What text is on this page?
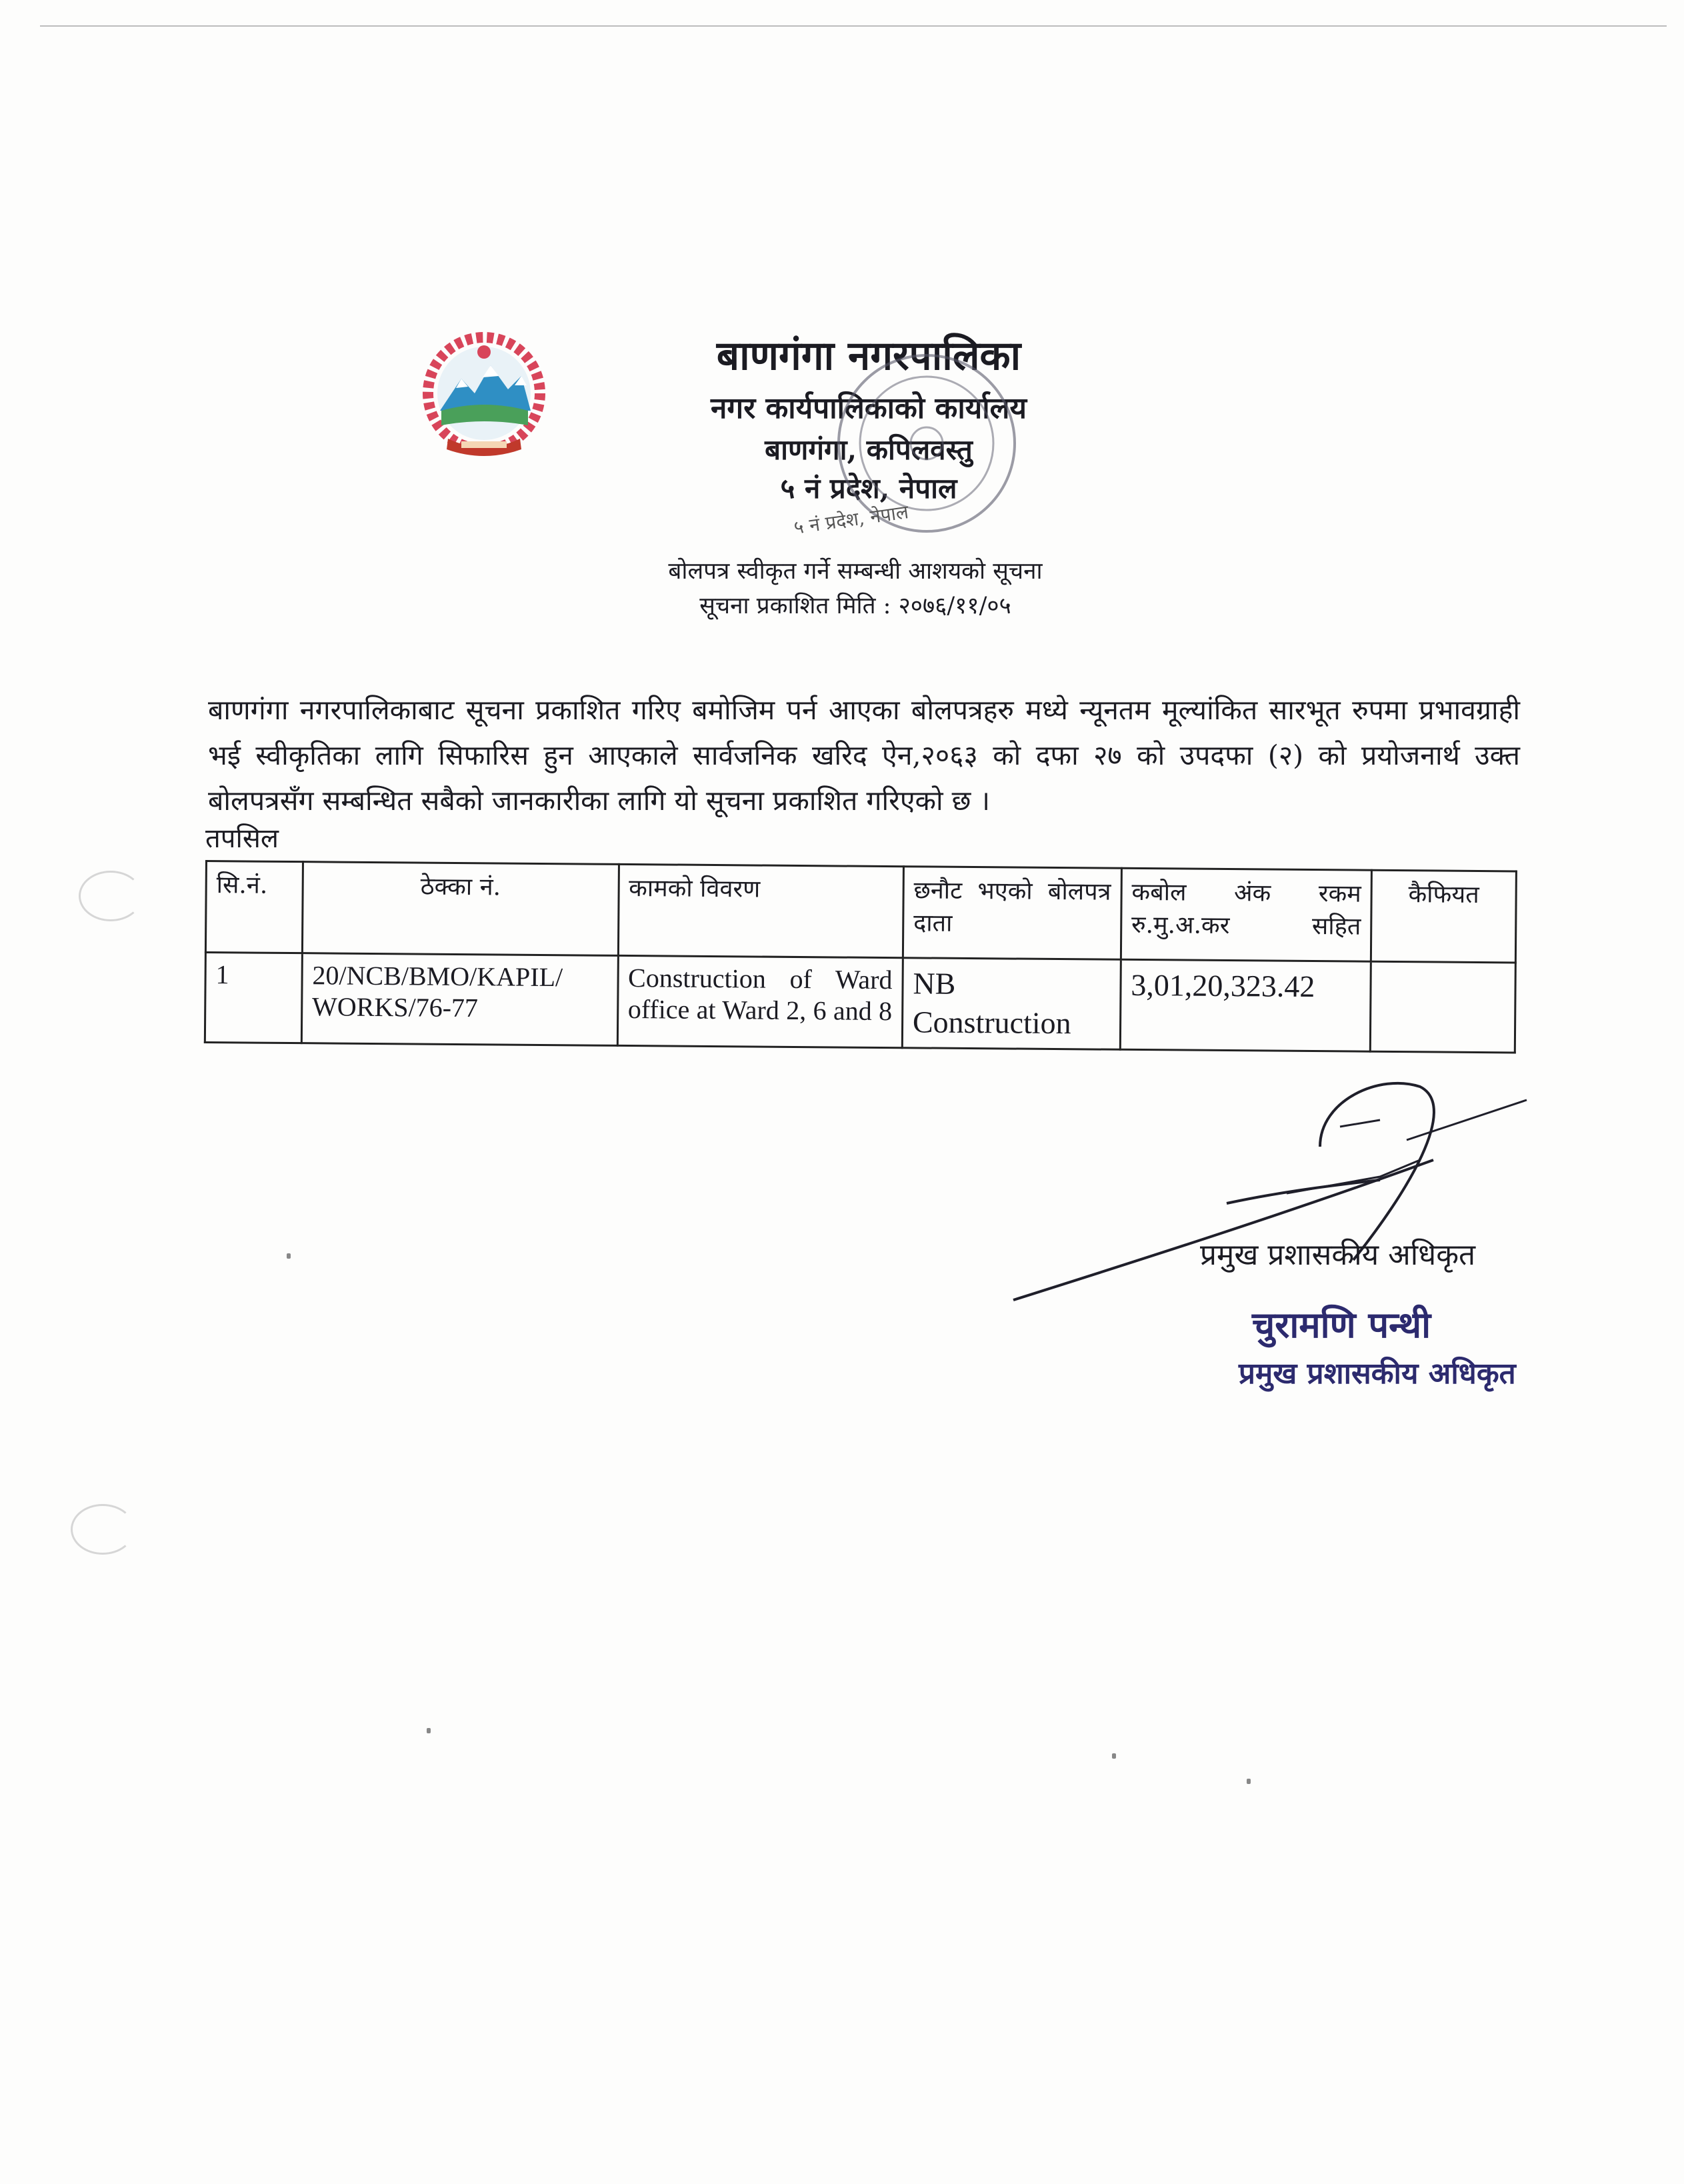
बाणगंगा नगरपालिका
नगर कार्यपालिकाको कार्यालय
बाणगंगा, कपिलवस्तु
५ नं प्रदेश, नेपाल
५ नं प्रदेश, नेपाल
बोलपत्र स्वीकृत गर्ने सम्बन्धी आशयको सूचना
सूचना प्रकाशित मिति : २०७६/११/०५

बाणगंगा नगरपालिकाबाट सूचना प्रकाशित गरिए बमोजिम पर्न आएका बोलपत्रहरु मध्ये न्यूनतम मूल्यांकित सारभूत रुपमा प्रभावग्राही भई स्वीकृतिका लागि सिफारिस हुन आएकाले सार्वजनिक खरिद ऐन,२०६३ को दफा २७ को उपदफा (२) को प्रयोजनार्थ उक्त बोलपत्रसँग सम्बन्धित सबैको जानकारीका लागि यो सूचना प्रकाशित गरिएको छ ।

तपसिल
सि.नं.	ठेक्का नं.	कामको विवरण	छनौट भएको बोलपत्र दाता	कबोल अंक रकम रु.मु.अ.कर सहित	कैफियत
1	20/NCB/BMO/KAPIL/ WORKS/76-77	Construction of Ward office at Ward 2, 6 and 8	NB Construction	3,01,20,323.42	
प्रमुख प्रशासकीय अधिकृत
चुरामणि पन्थी
प्रमुख प्रशासकीय अधिकृत
